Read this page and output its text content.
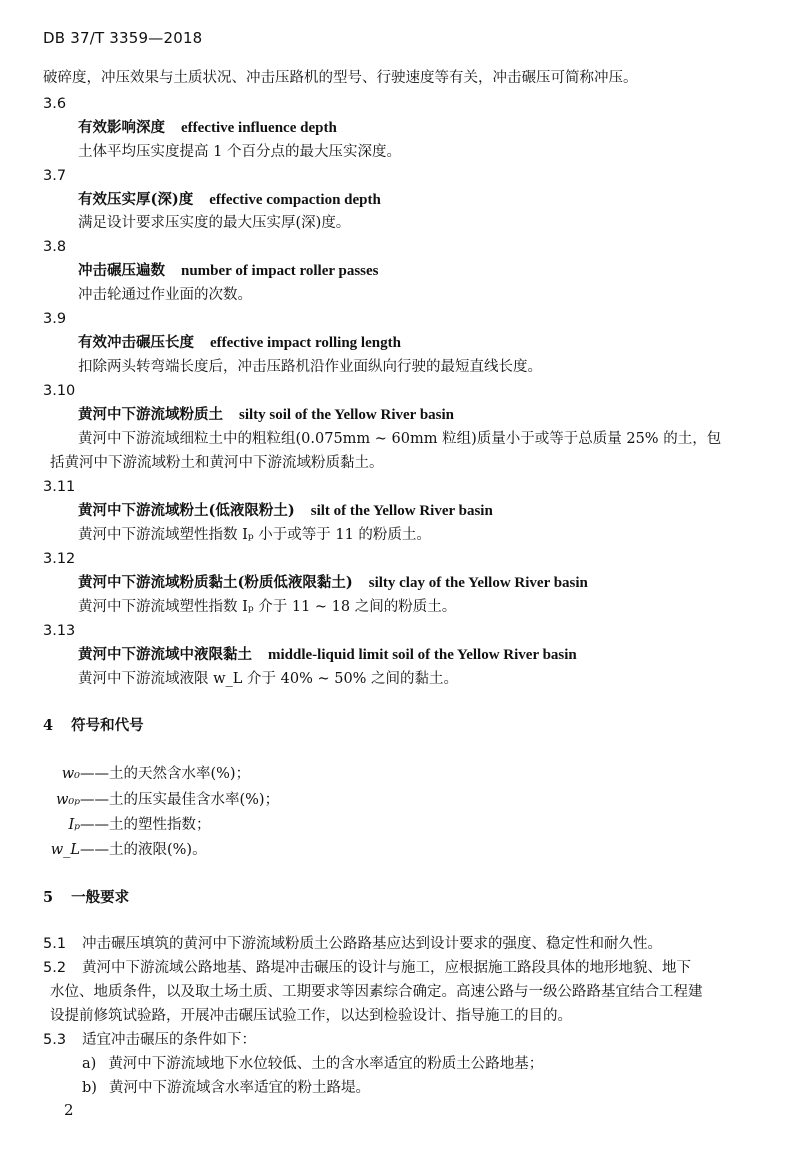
DB 37/T 3359—2018
破碎度，冲压效果与土质状况、冲击压路机的型号、行驶速度等有关，冲击碾压可简称冲压。
3.6
有效影响深度 effective influence depth
土体平均压实度提高 1 个百分点的最大压实深度。
3.7
有效压实厚(深)度 effective compaction depth
满足设计要求压实度的最大压实厚(深)度。
3.8
冲击碾压遍数 number of impact roller passes
冲击轮通过作业面的次数。
3.9
有效冲击碾压长度 effective impact rolling length
扣除两头转弯端长度后，冲击压路机沿作业面纵向行驶的最短直线长度。
3.10
黄河中下游流域粉质土 silty soil of the Yellow River basin
黄河中下游流域细粒土中的粗粒组(0.075mm ~ 60mm 粒组)质量小于或等于总质量 25% 的土，包
括黄河中下游流域粉土和黄河中下游流域粉质黏土。
3.11
黄河中下游流域粉土(低液限粉土) silt of the Yellow River basin
黄河中下游流域塑性指数 Iₚ 小于或等于 11 的粉质土。
3.12
黄河中下游流域粉质黏土(粉质低液限黏土) silty clay of the Yellow River basin
黄河中下游流域塑性指数 Iₚ 介于 11 ~ 18 之间的粉质土。
3.13
黄河中下游流域中液限黏土 middle-liquid limit soil of the Yellow River basin
黄河中下游流域液限 w_L 介于 40% ~ 50% 之间的黏土。
4 符号和代号
w₀——土的天然含水率(%)；
w₀ₚ——土的压实最佳含水率(%)；
Iₚ——土的塑性指数；
w_L——土的液限(%)。
5 一般要求
5.1 冲击碾压填筑的黄河中下游流域粉质土公路路基应达到设计要求的强度、稳定性和耐久性。
5.2 黄河中下游流域公路地基、路堤冲击碾压的设计与施工，应根据施工路段具体的地形地貌、地下
水位、地质条件，以及取土场土质、工期要求等因素综合确定。高速公路与一级公路路基宜结合工程建
设提前修筑试验路，开展冲击碾压试验工作，以达到检验设计、指导施工的目的。
5.3 适宜冲击碾压的条件如下：
a) 黄河中下游流域地下水位较低、土的含水率适宜的粉质土公路地基；
b) 黄河中下游流域含水率适宜的粉土路堤。
2
